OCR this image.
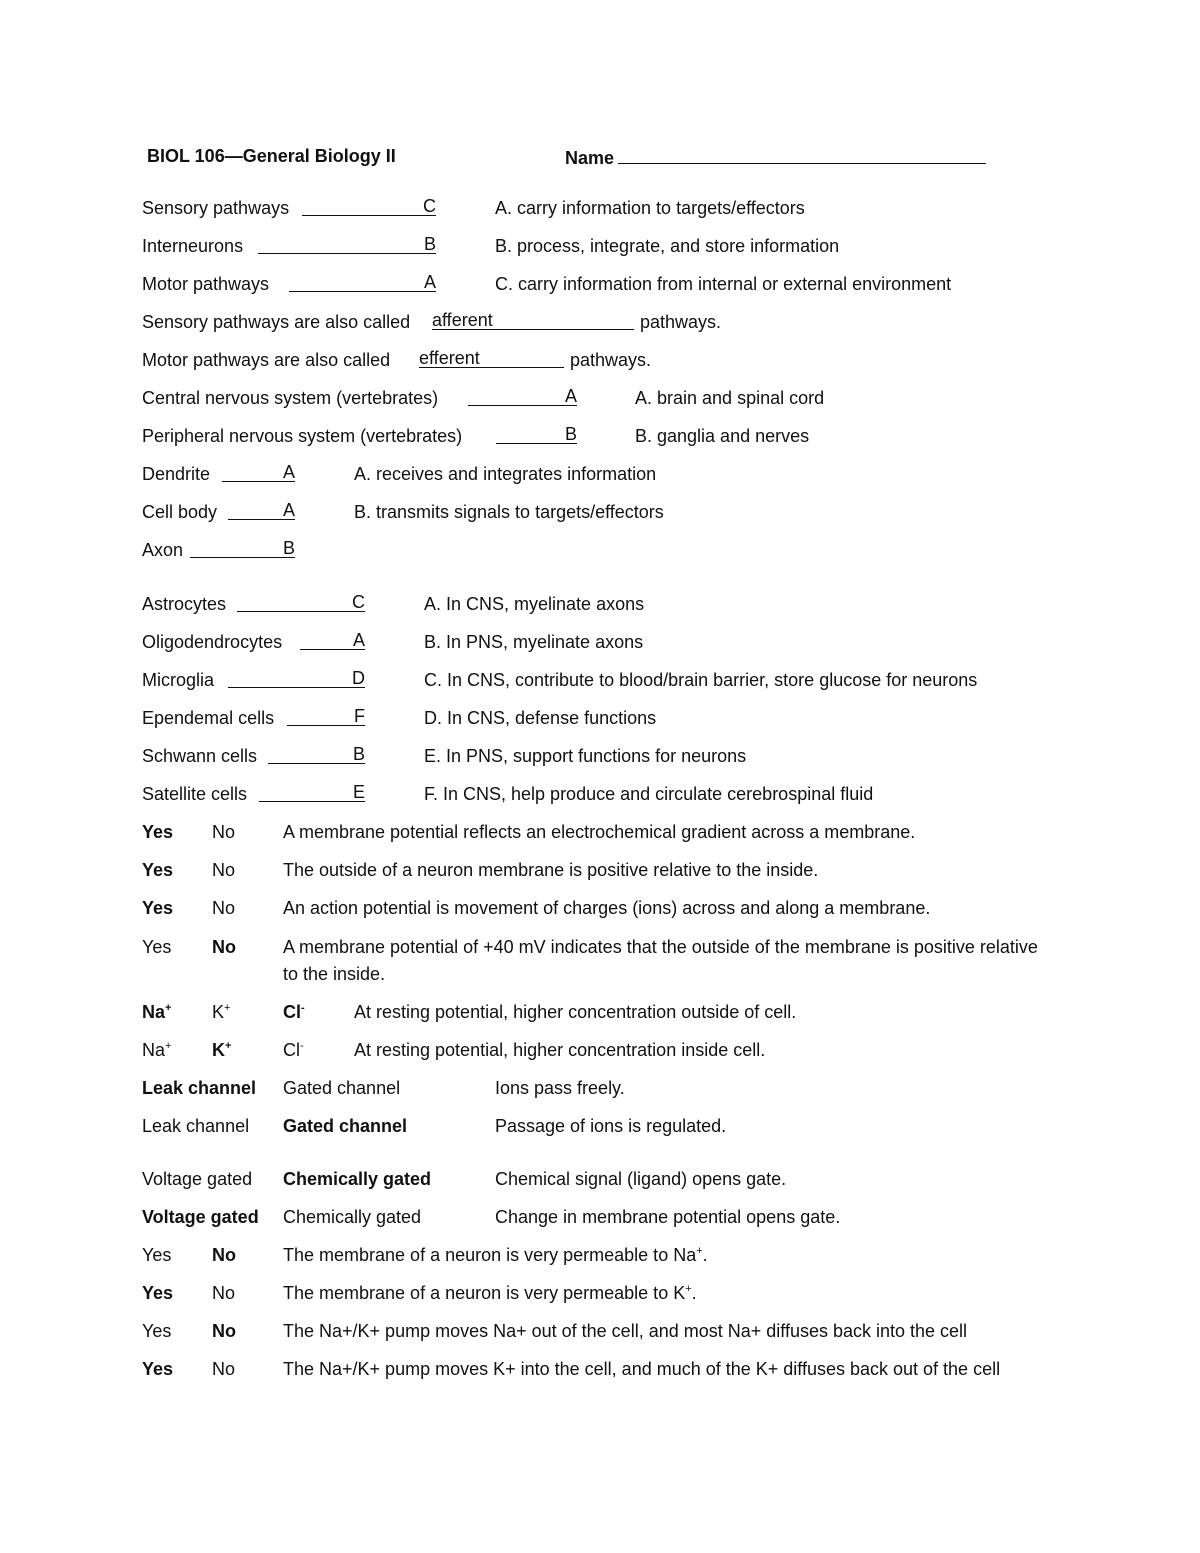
BIOL 106—General Biology II	Name
Sensory pathways	C	A. carry information to targets/effectors
Interneurons	B	B. process, integrate, and store information
Motor pathways	A	C. carry information from internal or external environment
Sensory pathways are also called afferent	pathways.
Motor pathways are also called efferent	pathways.
Central nervous system (vertebrates)	A	A. brain and spinal cord
Peripheral nervous system (vertebrates)	B	B. ganglia and nerves
Dendrite	A	A. receives and integrates information
Cell body	A	B. transmits signals to targets/effectors
Axon	B
Astrocytes	C	A. In CNS, myelinate axons
Oligodendrocytes	A	B. In PNS, myelinate axons
Microglia	D	C. In CNS, contribute to blood/brain barrier, store glucose for neurons
Ependemal cells	F	D. In CNS, defense functions
Schwann cells	B	E. In PNS, support functions for neurons
Satellite cells	E	F. In CNS, help produce and circulate cerebrospinal fluid
Yes No	A membrane potential reflects an electrochemical gradient across a membrane.
Yes No	The outside of a neuron membrane is positive relative to the inside.
Yes No	An action potential is movement of charges (ions) across and along a membrane.
Yes No	A membrane potential of +40 mV indicates that the outside of the membrane is positive relative to the inside.
Na+ K+	Cl-	At resting potential, higher concentration outside of cell.
Na+ K+	Cl-	At resting potential, higher concentration inside cell.
Leak channel Gated channel	Ions pass freely.
Leak channel Gated channel	Passage of ions is regulated.
Voltage gated Chemically gated	Chemical signal (ligand) opens gate.
Voltage gated Chemically gated	Change in membrane potential opens gate.
Yes No	The membrane of a neuron is very permeable to Na+.
Yes No	The membrane of a neuron is very permeable to K+.
Yes No	The Na+/K+ pump moves Na+ out of the cell, and most Na+ diffuses back into the cell
Yes No	The Na+/K+ pump moves K+ into the cell, and much of the K+ diffuses back out of the cell
